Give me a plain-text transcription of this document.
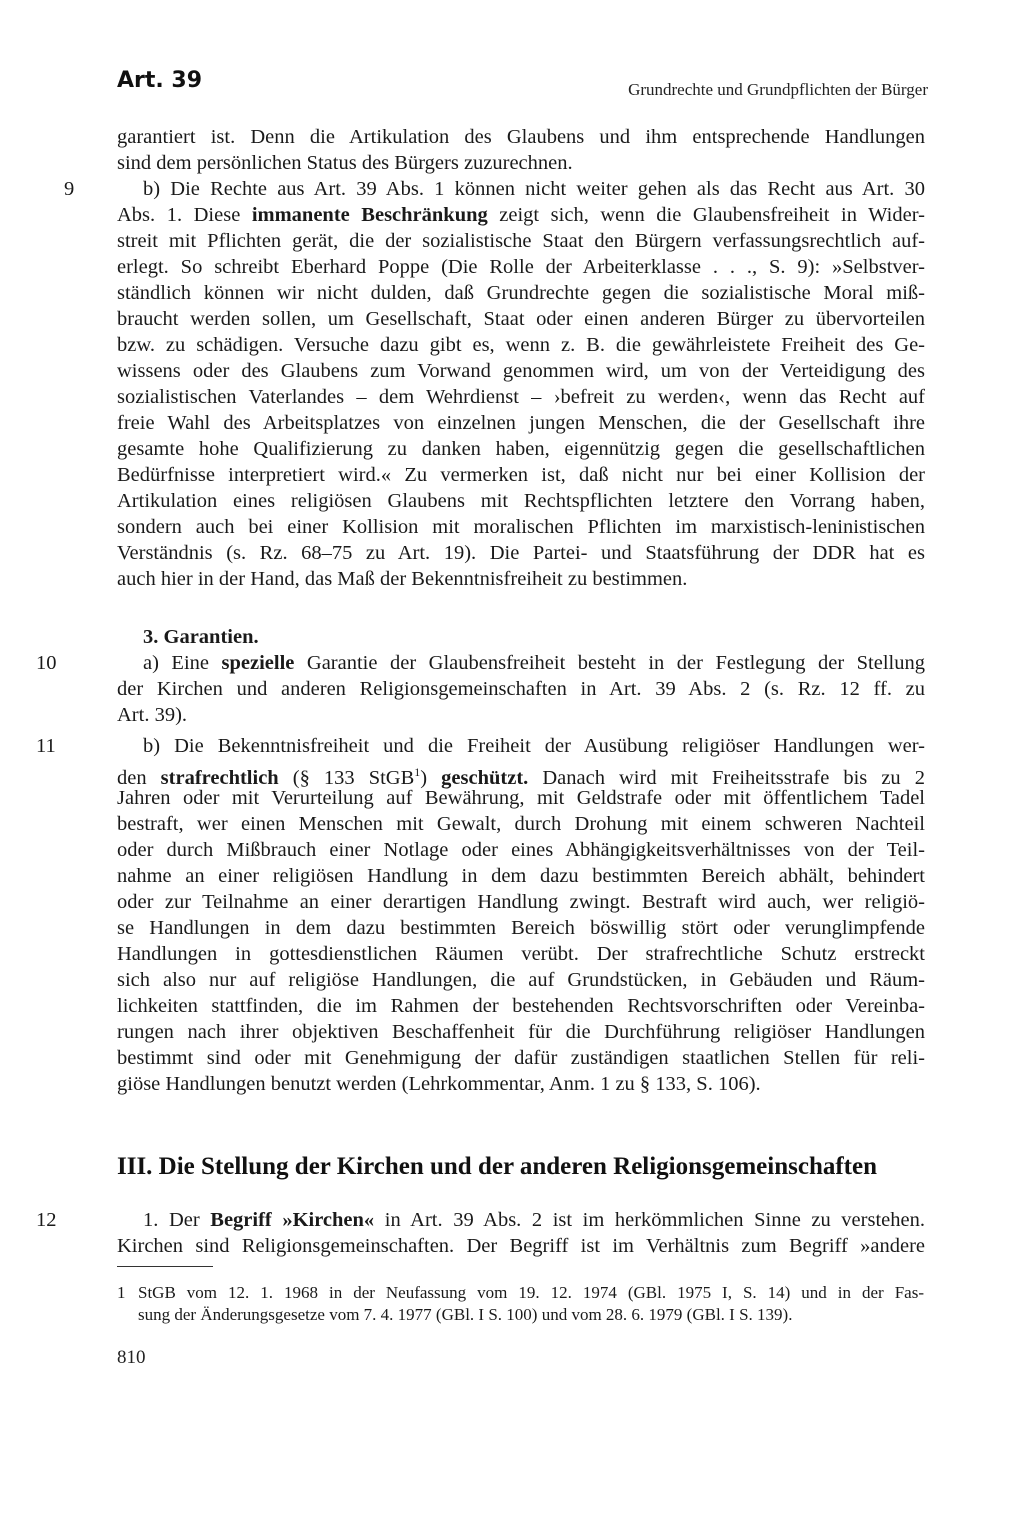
Art. 39	Grundrechte und Grundpflichten der Bürger
9
10
11
12
garantiert ist. Denn die Artikulation des Glaubens und ihm entsprechende Handlungen
sind dem persönlichen Status des Bürgers zuzurechnen.
b) Die Rechte aus Art. 39 Abs. 1 können nicht weiter gehen als das Recht aus Art. 30
Abs. 1. Diese immanente Beschränkung zeigt sich, wenn die Glaubensfreiheit in Wider-
streit mit Pflichten gerät, die der sozialistische Staat den Bürgern verfassungsrechtlich auf-
erlegt. So schreibt Eberhard Poppe (Die Rolle der Arbeiterklasse . . ., S. 9): »Selbstver-
ständlich können wir nicht dulden, daß Grundrechte gegen die sozialistische Moral miß-
braucht werden sollen, um Gesellschaft, Staat oder einen anderen Bürger zu übervorteilen
bzw. zu schädigen. Versuche dazu gibt es, wenn z. B. die gewährleistete Freiheit des Ge-
wissens oder des Glaubens zum Vorwand genommen wird, um von der Verteidigung des
sozialistischen Vaterlandes – dem Wehrdienst – ›befreit zu werden‹, wenn das Recht auf
freie Wahl des Arbeitsplatzes von einzelnen jungen Menschen, die der Gesellschaft ihre
gesamte hohe Qualifizierung zu danken haben, eigennützig gegen die gesellschaftlichen
Bedürfnisse interpretiert wird.« Zu vermerken ist, daß nicht nur bei einer Kollision der
Artikulation eines religiösen Glaubens mit Rechtspflichten letztere den Vorrang haben,
sondern auch bei einer Kollision mit moralischen Pflichten im marxistisch-leninistischen
Verständnis (s. Rz. 68–75 zu Art. 19). Die Partei- und Staatsführung der DDR hat es
auch hier in der Hand, das Maß der Bekenntnisfreiheit zu bestimmen.
3. Garantien.
a) Eine spezielle Garantie der Glaubensfreiheit besteht in der Festlegung der Stellung
der Kirchen und anderen Religionsgemeinschaften in Art. 39 Abs. 2 (s. Rz. 12 ff. zu
Art. 39).
b) Die Bekenntnisfreiheit und die Freiheit der Ausübung religiöser Handlungen wer-
den strafrechtlich (§ 133 StGB$^1$) geschützt. Danach wird mit Freiheitsstrafe bis zu 2
Jahren oder mit Verurteilung auf Bewährung, mit Geldstrafe oder mit öffentlichem Tadel
bestraft, wer einen Menschen mit Gewalt, durch Drohung mit einem schweren Nachteil
oder durch Mißbrauch einer Notlage oder eines Abhängigkeitsverhältnisses von der Teil-
nahme an einer religiösen Handlung in dem dazu bestimmten Bereich abhält, behindert
oder zur Teilnahme an einer derartigen Handlung zwingt. Bestraft wird auch, wer religiö-
se Handlungen in dem dazu bestimmten Bereich böswillig stört oder verunglimpfende
Handlungen in gottesdienstlichen Räumen verübt. Der strafrechtliche Schutz erstreckt
sich also nur auf religiöse Handlungen, die auf Grundstücken, in Gebäuden und Räum-
lichkeiten stattfinden, die im Rahmen der bestehenden Rechtsvorschriften oder Vereinba-
rungen nach ihrer objektiven Beschaffenheit für die Durchführung religiöser Handlungen
bestimmt sind oder mit Genehmigung der dafür zuständigen staatlichen Stellen für reli-
giöse Handlungen benutzt werden (Lehrkommentar, Anm. 1 zu § 133, S. 106).
III. Die Stellung der Kirchen und der anderen Religionsgemeinschaften
1. Der Begriff »Kirchen« in Art. 39 Abs. 2 ist im herkömmlichen Sinne zu verstehen.
Kirchen sind Religionsgemeinschaften. Der Begriff ist im Verhältnis zum Begriff »andere
1 StGB vom 12. 1. 1968 in der Neufassung vom 19. 12. 1974 (GBl. 1975 I, S. 14) und in der Fas-
sung der Änderungsgesetze vom 7. 4. 1977 (GBl. I S. 100) und vom 28. 6. 1979 (GBl. I S. 139).
810
